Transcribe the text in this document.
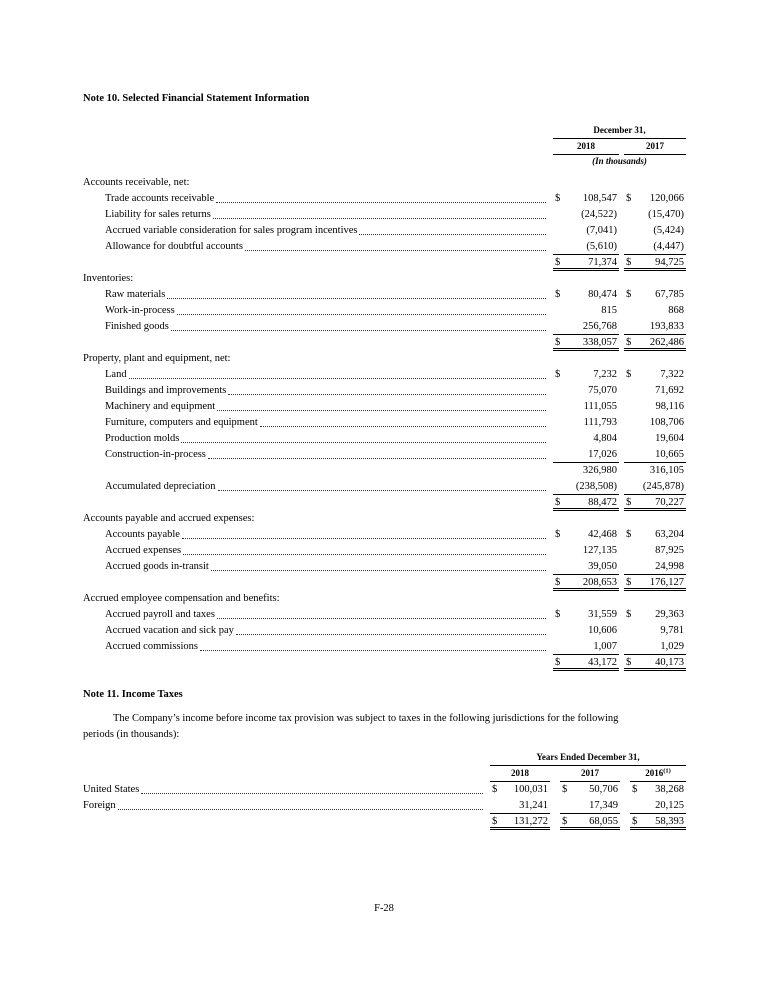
Note 10. Selected Financial Statement Information
December 31,
2018	2017
(In thousands)
Accounts receivable, net:
Trade accounts receivable	$ 108,547 $ 120,066
Liability for sales returns	(24,522)	(15,470)
Accrued variable consideration for sales program incentives	(7,041)	(5,424)
Allowance for doubtful accounts	(5,610)	(4,447)
$	71,374 $ 94,725
Inventories:
Raw materials	$	80,474 $ 67,785
Work-in-process	815	868
Finished goods	256,768	193,833
$ 338,057 $ 262,486
Property, plant and equipment, net:
Land	$	7,232 $	7,322
Buildings and improvements	75,070	71,692
Machinery and equipment	111,055	98,116
Furniture, computers and equipment	111,793	108,706
Production molds	4,804	19,604
Construction-in-process	17,026	10,665
326,980	316,105
Accumulated depreciation	(238,508) (245,878)
$	88,472 $ 70,227
Accounts payable and accrued expenses:
Accounts payable	$	42,468 $ 63,204
Accrued expenses	127,135	87,925
Accrued goods in-transit	39,050	24,998
$ 208,653 $ 176,127
Accrued employee compensation and benefits:
Accrued payroll and taxes	$	31,559 $ 29,363
Accrued vacation and sick pay	10,606	9,781
Accrued commissions	1,007	1,029
$	43,172 $ 40,173
Note 11. Income Taxes
The Company’s income before income tax provision was subject to taxes in the following jurisdictions for the following
periods (in thousands):
Years Ended December 31,
2018	2017	2016$^{(1)}$
United States	$ 100,031 $ 50,706 $ 38,268
Foreign	31,241	17,349	20,125
$ 131,272 $ 68,055 $ 58,393
F-28
